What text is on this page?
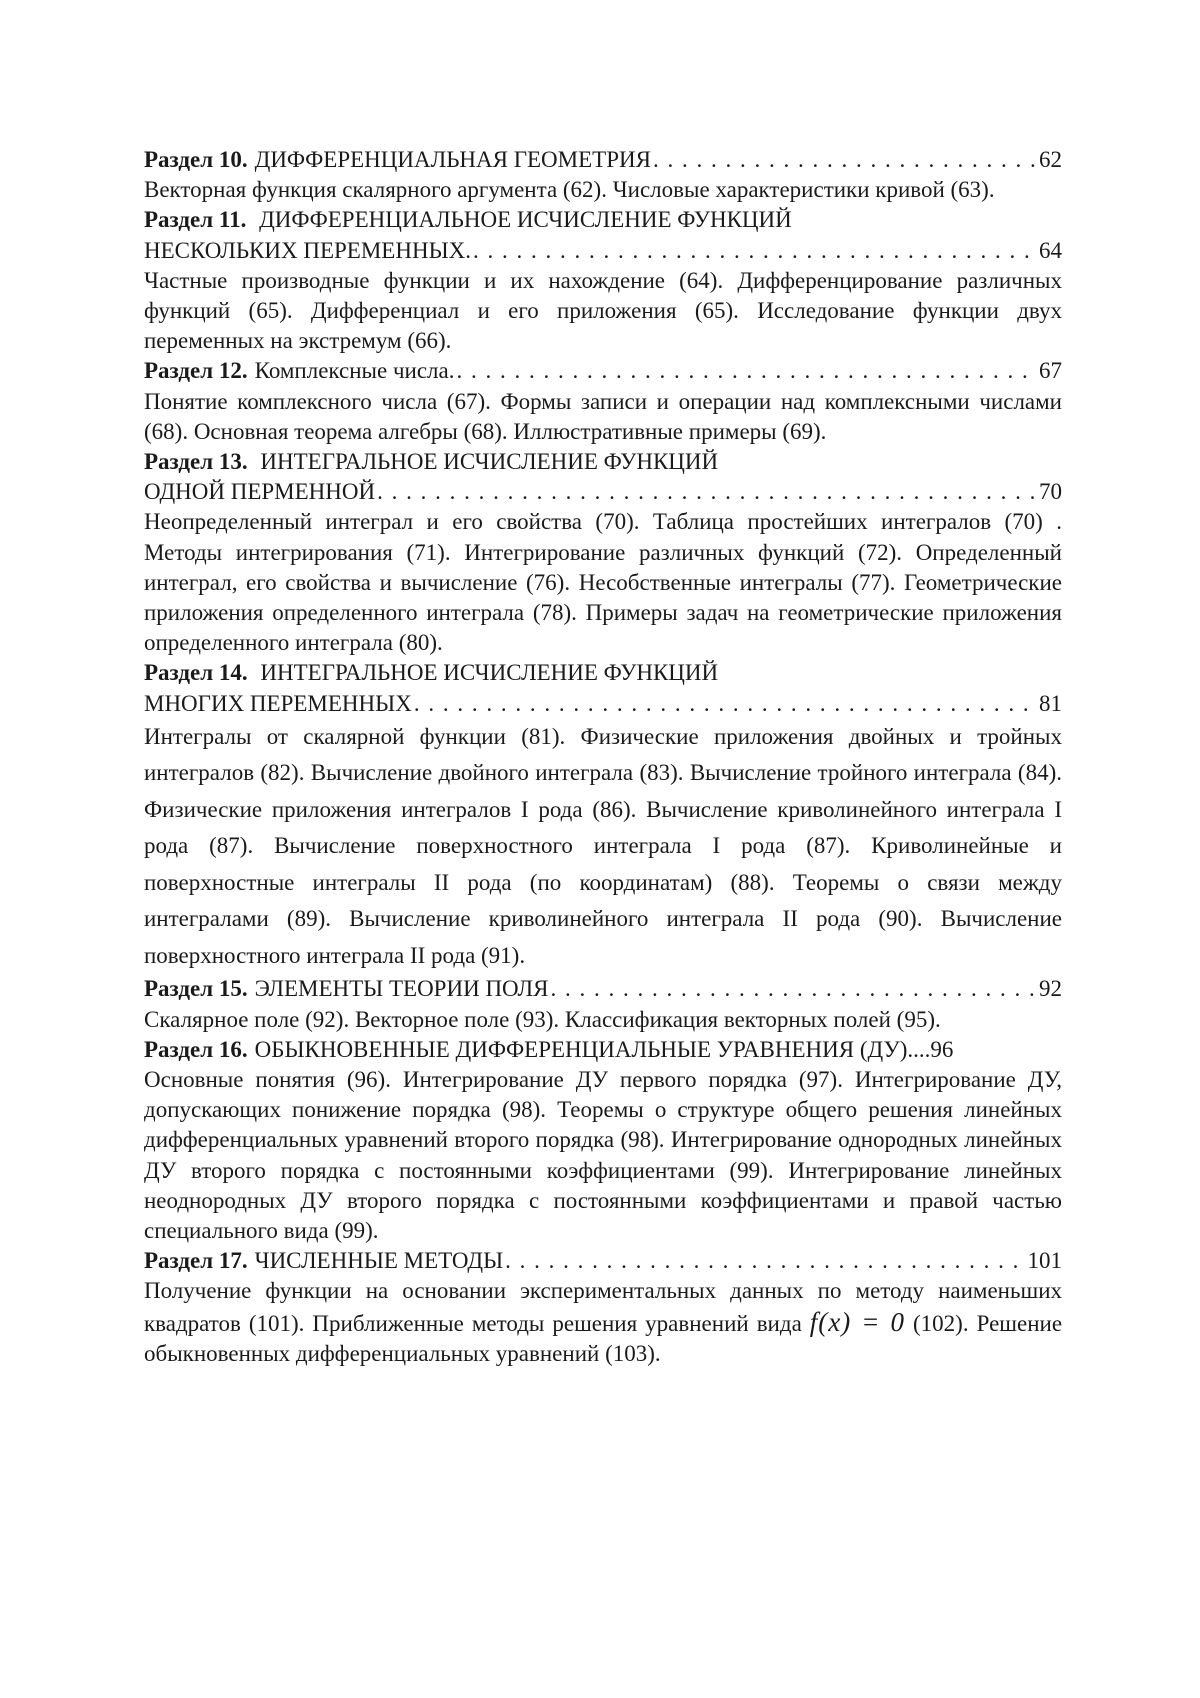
Раздел 10. ДИФФЕРЕНЦИАЛЬНАЯ ГЕОМЕТРИЯ . . .	62
Векторная функция скалярного аргумента (62). Числовые характеристики кривой (63).
Раздел 11. ДИФФЕРЕНЦИАЛЬНОЕ ИСЧИСЛЕНИЕ ФУНКЦИЙ
НЕСКОЛЬКИХ ПЕРЕМЕННЫХ. . . .	64
Частные производные функции и их нахождение (64). Дифференцирование различных функций (65). Дифференциал и его приложения (65). Исследование функции двух переменных на экстремум (66).
Раздел 12. Комплексные числа. . . .	67
Понятие комплексного числа (67). Формы записи и операции над комплексными числами (68). Основная теорема алгебры (68). Иллюстративные примеры (69).
Раздел 13. ИНТЕГРАЛЬНОЕ ИСЧИСЛЕНИЕ ФУНКЦИЙ
ОДНОЙ ПЕРМЕННОЙ . . .	70
Неопределенный интеграл и его свойства (70). Таблица простейших интегралов (70) . Методы интегрирования (71). Интегрирование различных функций (72). Определенный интеграл, его свойства и вычисление (76). Несобственные интегралы (77). Геометрические приложения определенного интеграла (78). Примеры задач на геометрические приложения определенного интеграла (80).
Раздел 14. ИНТЕГРАЛЬНОЕ ИСЧИСЛЕНИЕ ФУНКЦИЙ
МНОГИХ ПЕРЕМЕННЫХ . . .	81
Интегралы от скалярной функции (81). Физические приложения двойных и тройных интегралов (82). Вычисление двойного интеграла (83). Вычисление тройного интеграла (84). Физические приложения интегралов I рода (86). Вычисление криволинейного интеграла I рода (87). Вычисление поверхностного интеграла I рода (87). Криволинейные и поверхностные интегралы II рода (по координатам) (88). Теоремы о связи между интегралами (89). Вычисление криволинейного интеграла II рода (90). Вычисление поверхностного интеграла II рода (91).
Раздел 15. ЭЛЕМЕНТЫ ТЕОРИИ ПОЛЯ . . .	92
Скалярное поле (92). Векторное поле (93). Классификация векторных полей (95).
Раздел 16. ОБЫКНОВЕННЫЕ ДИФФЕРЕНЦИАЛЬНЫЕ УРАВНЕНИЯ (ДУ).... 96
Основные понятия (96). Интегрирование ДУ первого порядка (97). Интегрирование ДУ, допускающих понижение порядка (98). Теоремы о структуре общего решения линейных дифференциальных уравнений второго порядка (98). Интегрирование однородных линейных ДУ второго порядка с постоянными коэффициентами (99). Интегрирование линейных неоднородных ДУ второго порядка с постоянными коэффициентами и правой частью специального вида (99).
Раздел 17. ЧИСЛЕННЫЕ МЕТОДЫ . . .	101
Получение функции на основании экспериментальных данных по методу наименьших квадратов (101). Приближенные методы решения уравнений вида f(x) = 0 (102). Решение обыкновенных дифференциальных уравнений (103).
